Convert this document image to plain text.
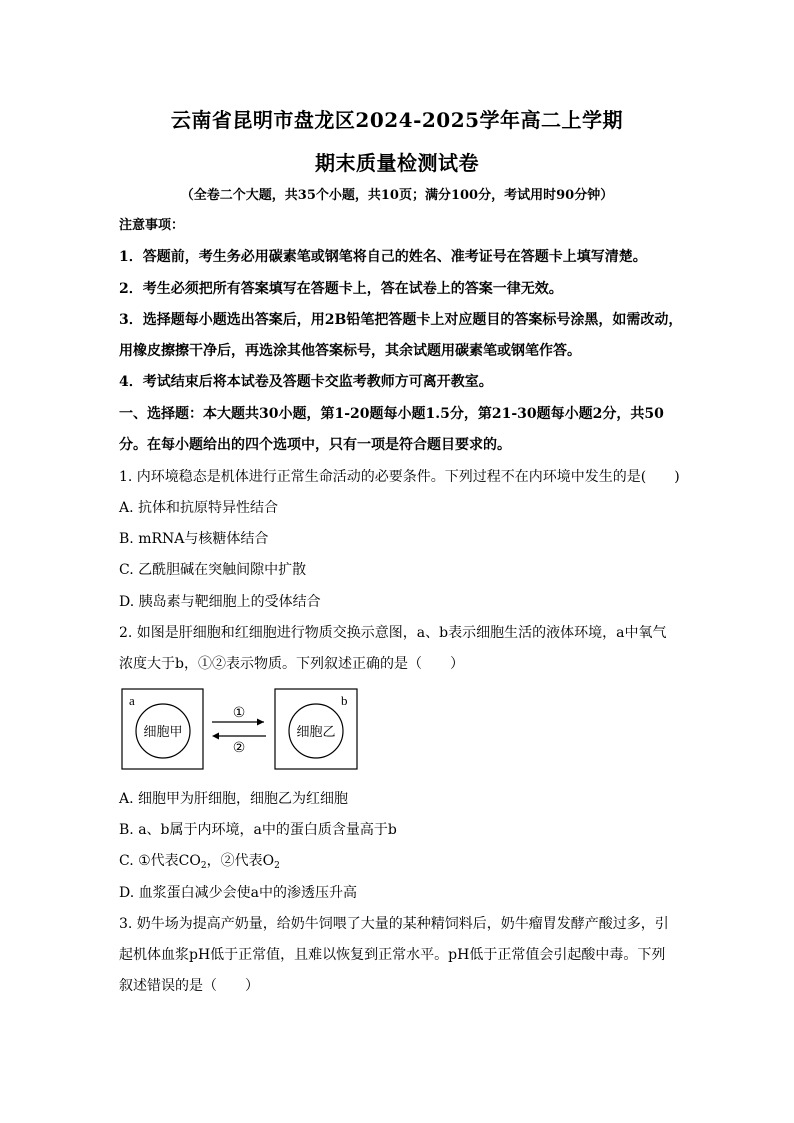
云南省昆明市盘龙区2024-2025学年高二上学期
期末质量检测试卷
（全卷二个大题，共35个小题，共10页；满分100分，考试用时90分钟）
注意事项：
1．答题前，考生务必用碳素笔或钢笔将自己的姓名、准考证号在答题卡上填写清楚。
2．考生必须把所有答案填写在答题卡上，答在试卷上的答案一律无效。
3．选择题每小题选出答案后，用2B铅笔把答题卡上对应题目的答案标号涂黑，如需改动，
用橡皮擦擦干净后，再选涂其他答案标号，其余试题用碳素笔或钢笔作答。
4．考试结束后将本试卷及答题卡交监考教师方可离开教室。
一、选择题：本大题共30小题，第1-20题每小题1.5分，第21-30题每小题2分，共50
分。在每小题给出的四个选项中，只有一项是符合题目要求的。
1. 内环境稳态是机体进行正常生命活动的必要条件。下列过程不在内环境中发生的是(　　)
A. 抗体和抗原特异性结合
B. mRNA与核糖体结合
C. 乙酰胆碱在突触间隙中扩散
D. 胰岛素与靶细胞上的受体结合
2. 如图是肝细胞和红细胞进行物质交换示意图，a、b表示细胞生活的液体环境，a中氧气
浓度大于b，①②表示物质。下列叙述正确的是（　　）
a	b
细胞甲	细胞乙
①
②
A. 细胞甲为肝细胞，细胞乙为红细胞
B. a、b属于内环境，a中的蛋白质含量高于b
C. ①代表$CO_2$，②代表$O_2$
D. 血浆蛋白减少会使a中的渗透压升高
3. 奶牛场为提高产奶量，给奶牛饲喂了大量的某种精饲料后，奶牛瘤胃发酵产酸过多，引
起机体血浆pH低于正常值，且难以恢复到正常水平。pH低于正常值会引起酸中毒。下列
叙述错误的是（　　）
